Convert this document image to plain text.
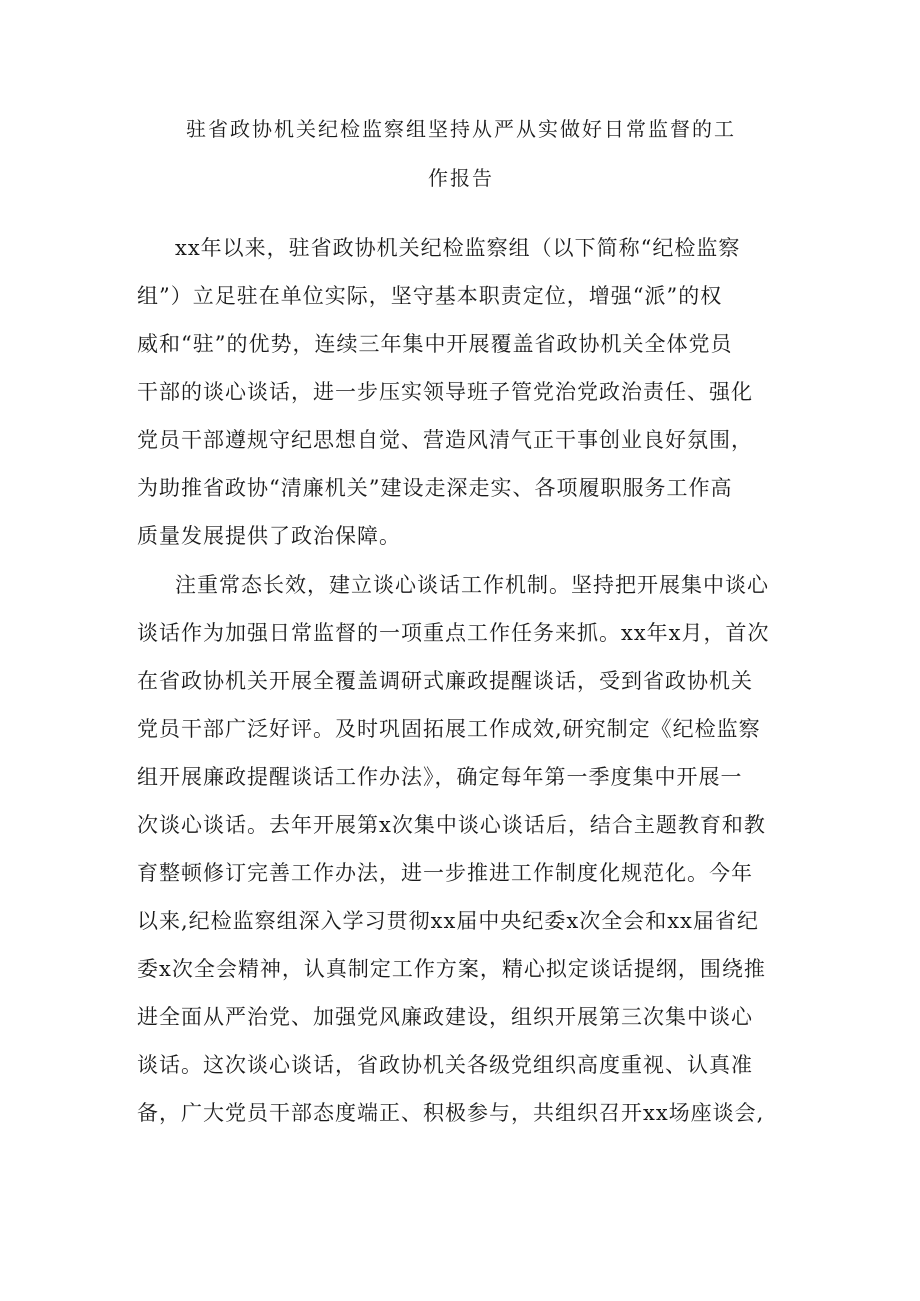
驻省政协机关纪检监察组坚持从严从实做好日常监督的工
作报告
xx年以来，驻省政协机关纪检监察组（以下简称“纪检监察
组”）立足驻在单位实际，坚守基本职责定位，增强“派”的权
威和“驻”的优势，连续三年集中开展覆盖省政协机关全体党员
干部的谈心谈话，进一步压实领导班子管党治党政治责任、强化
党员干部遵规守纪思想自觉、营造风清气正干事创业良好氛围，
为助推省政协“清廉机关”建设走深走实、各项履职服务工作高
质量发展提供了政治保障。
注重常态长效，建立谈心谈话工作机制。坚持把开展集中谈心
谈话作为加强日常监督的一项重点工作任务来抓。xx年x月，首次
在省政协机关开展全覆盖调研式廉政提醒谈话，受到省政协机关
党员干部广泛好评。及时巩固拓展工作成效,研究制定《纪检监察
组开展廉政提醒谈话工作办法》，确定每年第一季度集中开展一
次谈心谈话。去年开展第x次集中谈心谈话后，结合主题教育和教
育整顿修订完善工作办法，进一步推进工作制度化规范化。今年
以来,纪检监察组深入学习贯彻xx届中央纪委x次全会和xx届省纪
委x次全会精神，认真制定工作方案，精心拟定谈话提纲，围绕推
进全面从严治党、加强党风廉政建设，组织开展第三次集中谈心
谈话。这次谈心谈话，省政协机关各级党组织高度重视、认真准
备，广大党员干部态度端正、积极参与，共组织召开xx场座谈会,
